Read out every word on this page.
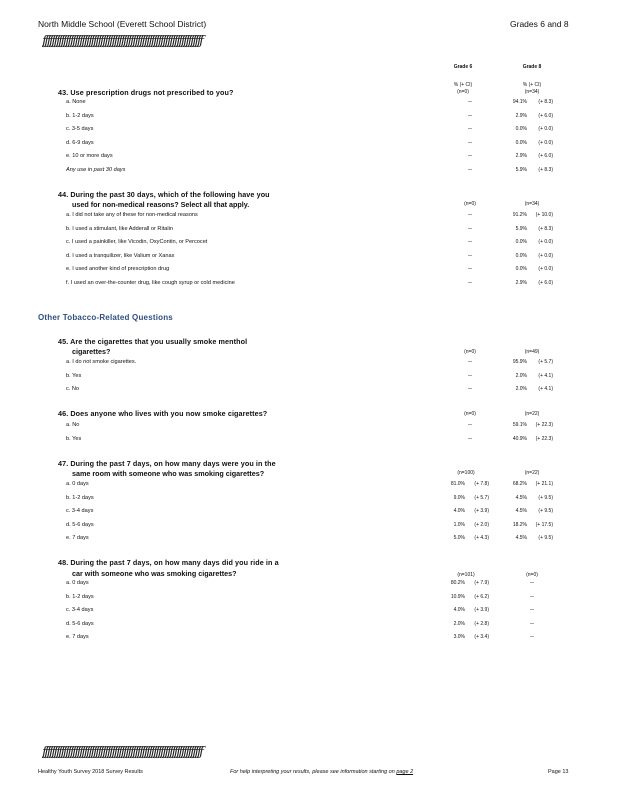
North Middle School (Everett School District)	Grades 6 and 8
ƒƒƒƒƒƒƒƒƒƒƒƒƒƒƒƒƒƒƒƒƒƒƒƒƒƒƒƒƒƒƒƒƒƒƒƒƒƒƒƒƒƒƒƒƒƒƒƒƒƒƒƒƒƒƒƒƒƒƒƒƒƒƒƒƒƒƒƒƒ
Grade 6	Grade 8
% (+ CI)	% (+ CI)
43. Use prescription drugs not prescribed to you?	(n=0)	(n=34)
a. None	--	94.1%	(+ 8.3)
b. 1-2 days	--	2.9%	(+ 6.0)
c. 3-5 days	--	0.0%	(+ 0.0)
d. 6-9 days	--	0.0%	(+ 0.0)
e. 10 or more days	--	2.9%	(+ 6.0)
Any use in past 30 days	--	5.9%	(+ 8.3)
44. During the past 30 days, which of the following have you
used for non-medical reasons? Select all that apply.	(n=0)	(n=34)
a. I did not take any of these for non-medical reasons	--	91.2%	(+ 10.0)
b. I used a stimulant, like Adderall or Ritalin	--	5.9%	(+ 8.3)
c. I used a painkiller, like Vicodin, OxyContin, or Percocet	--	0.0%	(+ 0.0)
d. I used a tranquilizer, like Valium or Xanax	--	0.0%	(+ 0.0)
e. I used another kind of prescription drug	--	0.0%	(+ 0.0)
f. I used an over-the-counter drug, like cough syrup or cold medicine	--	2.9%	(+ 6.0)
Other Tobacco-Related Questions
45. Are the cigarettes that you usually smoke menthol
cigarettes?	(n=0)	(n=49)
a. I do not smoke cigarettes.	--	95.9%	(+ 5.7)
b. Yes	--	2.0%	(+ 4.1)
c. No	--	2.0%	(+ 4.1)
46. Does anyone who lives with you now smoke cigarettes?	(n=0)	(n=22)
a. No	--	59.1%	(+ 22.3)
b. Yes	--	40.9%	(+ 22.3)
47. During the past 7 days, on how many days were you in the
same room with someone who was smoking cigarettes?	(n=100)	(n=22)
a. 0 days	81.0%	(+ 7.8)	68.2%	(+ 21.1)
b. 1-2 days	9.0%	(+ 5.7)	4.5%	(+ 9.5)
c. 3-4 days	4.0%	(+ 3.9)	4.5%	(+ 9.5)
d. 5-6 days	1.0%	(+ 2.0)	18.2%	(+ 17.5)
e. 7 days	5.0%	(+ 4.3)	4.5%	(+ 9.5)
48. During the past 7 days, on how many days did you ride in a
car with someone who was smoking cigarettes?	(n=101)	(n=0)
a. 0 days	80.2%	(+ 7.9)	--
b. 1-2 days	10.9%	(+ 6.2)	--
c. 3-4 days	4.0%	(+ 3.9)	--
d. 5-6 days	2.0%	(+ 2.8)	--
e. 7 days	3.0%	(+ 3.4)	--
ƒƒƒƒƒƒƒƒƒƒƒƒƒƒƒƒƒƒƒƒƒƒƒƒƒƒƒƒƒƒƒƒƒƒƒƒƒƒƒƒƒƒƒƒƒƒƒƒƒƒƒƒƒƒƒƒƒƒƒƒƒƒƒƒƒƒƒƒƒ
Healthy Youth Survey 2018 Survey Results	For help interpreting your results, please see information starting on page 2	Page 13
